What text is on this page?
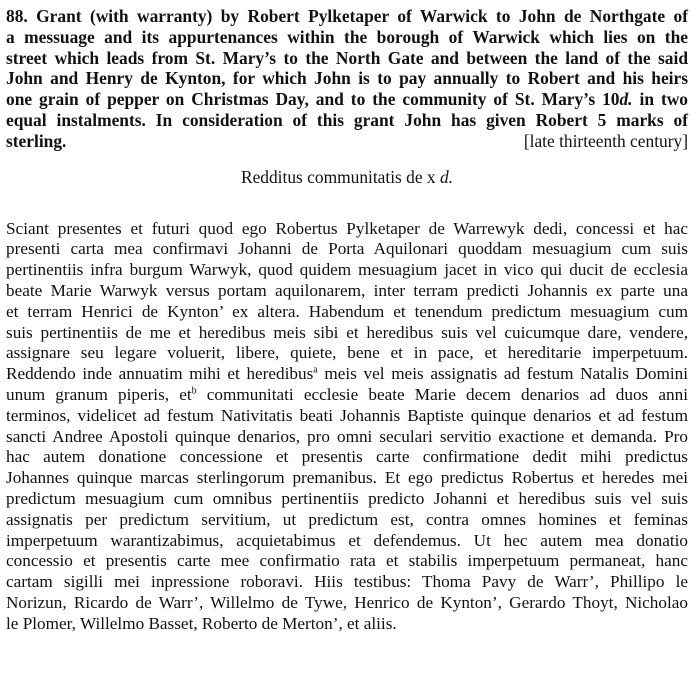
88. Grant (with warranty) by Robert Pylketaper of Warwick to John de Northgate of
a messuage and its appurtenances within the borough of Warwick which lies on the
street which leads from St. Mary’s to the North Gate and between the land of the said
John and Henry de Kynton, for which John is to pay annually to Robert and his heirs
one grain of pepper on Christmas Day, and to the community of St. Mary’s 10d. in two
equal instalments. In consideration of this grant John has given Robert 5 marks of
sterling.	[late thirteenth century]
Redditus communitatis de x d.
Sciant presentes et futuri quod ego Robertus Pylketaper de Warrewyk dedi, concessi et hac
presenti carta mea confirmavi Johanni de Porta Aquilonari quoddam mesuagium cum suis
pertinentiis infra burgum Warwyk, quod quidem mesuagium jacet in vico qui ducit de ecclesia
beate Marie Warwyk versus portam aquilonarem, inter terram predicti Johannis ex parte una
et terram Henrici de Kynton’ ex altera. Habendum et tenendum predictum mesuagium cum
suis pertinentiis de me et heredibus meis sibi et heredibus suis vel cuicumque dare, vendere,
assignare seu legare voluerit, libere, quiete, bene et in pace, et hereditarie imperpetuum.
Reddendo inde annuatim mihi et heredibus$^a$ meis vel meis assignatis ad festum Natalis Domini
unum granum piperis, $et^b$ communitati ecclesie beate Marie decem denarios ad duos anni
terminos, videlicet ad festum Nativitatis beati Johannis Baptiste quinque denarios et ad festum
sancti Andree Apostoli quinque denarios, pro omni seculari servitio exactione et demanda. Pro
hac autem donatione concessione et presentis carte confirmatione dedit mihi predictus
Johannes quinque marcas sterlingorum premanibus. Et ego predictus Robertus et heredes mei
predictum mesuagium cum omnibus pertinentiis predicto Johanni et heredibus suis vel suis
assignatis per predictum servitium, ut predictum est, contra omnes homines et feminas
imperpetuum warantizabimus, acquietabimus et defendemus. Ut hec autem mea donatio
concessio et presentis carte mee confirmatio rata et stabilis imperpetuum permaneat, hanc
cartam sigilli mei inpressione roboravi. Hiis testibus: Thoma Pavy de Warr’, Phillipo le
Norizun, Ricardo de Warr’, Willelmo de Tywe, Henrico de Kynton’, Gerardo Thoyt, Nicholao
le Plomer, Willelmo Basset, Roberto de Merton’, et aliis.
